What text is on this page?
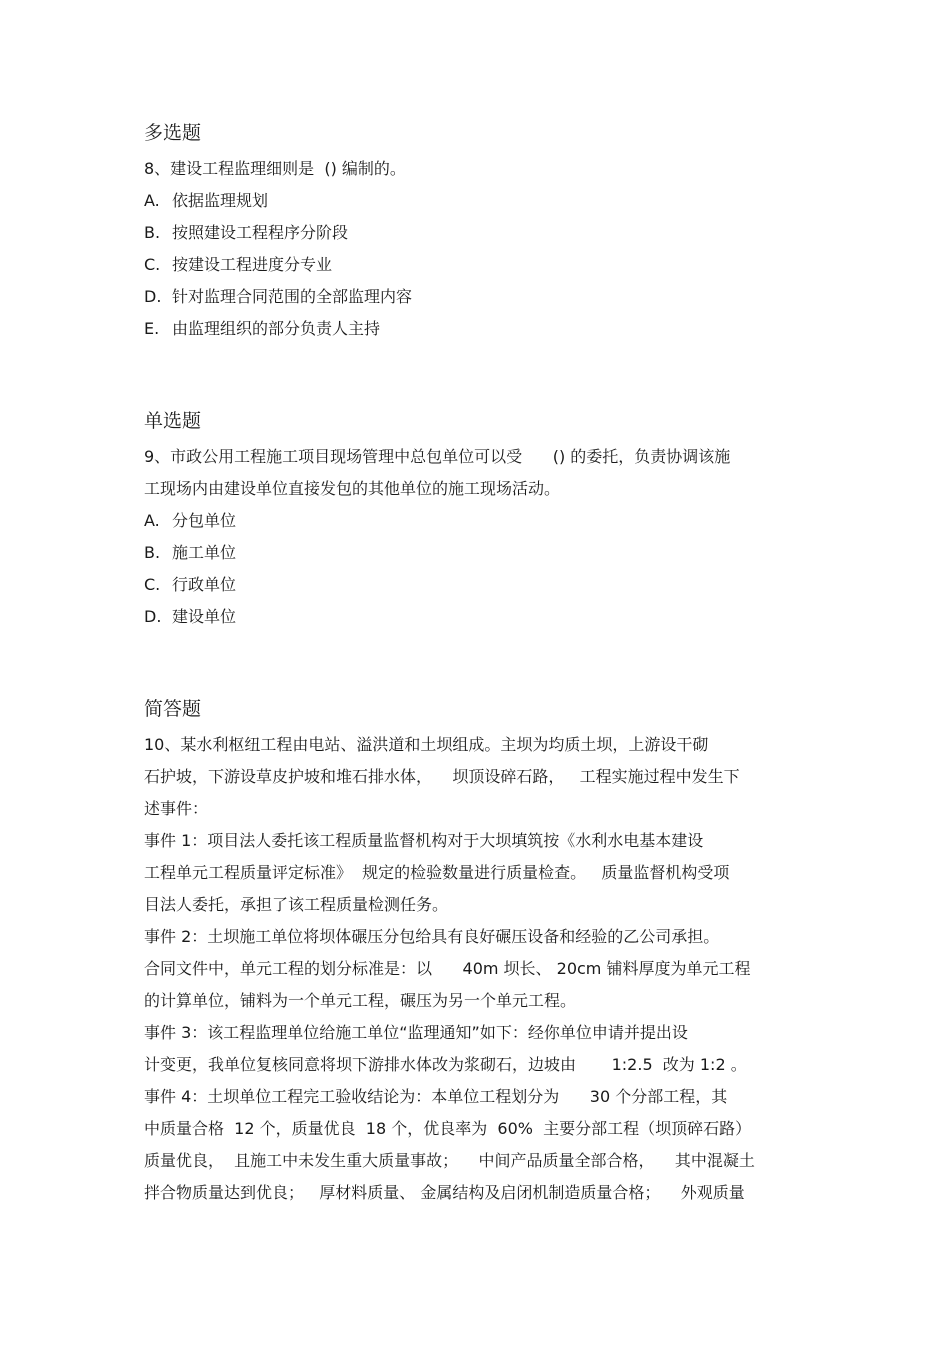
多选题
8、建设工程监理细则是  () 编制的。
A. 依据监理规划
B. 按照建设工程程序分阶段
C. 按建设工程进度分专业
D. 针对监理合同范围的全部监理内容
E. 由监理组织的部分负责人主持
单选题
9、市政公用工程施工项目现场管理中总包单位可以受      () 的委托，负责协调该施
工现场内由建设单位直接发包的其他单位的施工现场活动。
A. 分包单位
B. 施工单位
C. 行政单位
D. 建设单位
简答题
10、某水利枢纽工程由电站、溢洪道和土坝组成。主坝为均质土坝，上游设干砌
石护坡，下游设草皮护坡和堆石排水体，    坝顶设碎石路，   工程实施过程中发生下
述事件：
事件 1：项目法人委托该工程质量监督机构对于大坝填筑按《水利水电基本建设
工程单元工程质量评定标准》  规定的检验数量进行质量检查。   质量监督机构受项
目法人委托，承担了该工程质量检测任务。
事件 2：土坝施工单位将坝体碾压分包给具有良好碾压设备和经验的乙公司承担。
合同文件中，单元工程的划分标准是：以      40m 坝长、 20cm 铺料厚度为单元工程
的计算单位，铺料为一个单元工程，碾压为另一个单元工程。
事件 3：该工程监理单位给施工单位“监理通知”如下：经你单位申请并提出设
计变更，我单位复核同意将坝下游排水体改为浆砌石，边坡由       1:2.5  改为 1:2 。
事件 4：土坝单位工程完工验收结论为：本单位工程划分为      30 个分部工程，其
中质量合格  12 个，质量优良  18 个，优良率为  60%  主要分部工程（坝顶碎石路）
质量优良，  且施工中未发生重大质量事故；    中间产品质量全部合格，    其中混凝土
拌合物质量达到优良；   厚材料质量、 金属结构及启闭机制造质量合格；    外观质量
